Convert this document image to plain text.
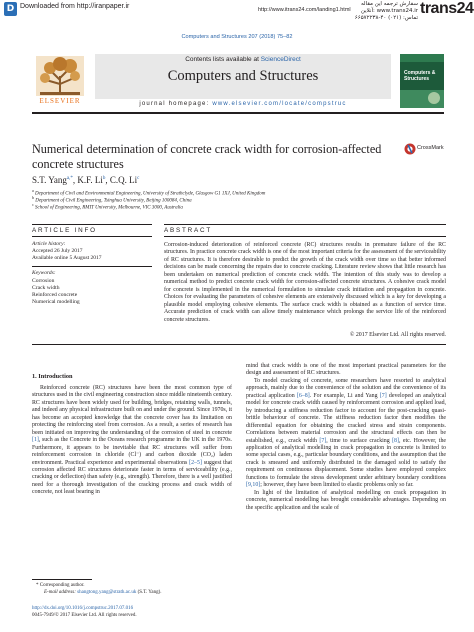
D Downloaded from http://iranpaper.ir	http://www.itrans24.com/landing1.html
سفارش ترجمه این مقاله
آنلاین: www.trans24.ir
تماس: (۰۲۱) ۴۰-۶۶۵۷۲۲۳۸
trans24
Computers and Structures 207 (2018) 75–82
ELSEVIER
Contents lists available at ScienceDirect
Computers and Structures
journal homepage: www.elsevier.com/locate/compstruc
Computers & Structures
Numerical determination of concrete crack width for corrosion-affected concrete structures
CrossMark
S.T. Yang$^{a,*}$, K.F. Li$^b$, C.Q. Li$^c$
$^a$ Department of Civil and Environmental Engineering, University of Strathclyde, Glasgow G1 1XJ, United Kingdom
$^b$ Department of Civil Engineering, Tsinghua University, Beijing 100084, China
$^c$ School of Engineering, RMIT University, Melbourne, VIC 3000, Australia
ARTICLE INFO	ABSTRACT
Article history:
Accepted 26 July 2017
Available online 5 August 2017
Keywords:
Corrosion
Crack width
Reinforced concrete
Numerical modelling
Corrosion-induced deterioration of reinforced concrete (RC) structures results in premature failure of the RC structures. In practice concrete crack width is one of the most important criteria for the assessment of the serviceability of RC structures. It is therefore desirable to predict the growth of the crack width over time so that better informed decisions can be made concerning the repairs due to concrete cracking. Literature review shows that little research has been undertaken on numerical prediction of concrete crack width. The intention of this study was to develop a numerical method to predict concrete crack width for corrosion-affected concrete structures. A cohesive crack model for concrete is implemented in the numerical formulation to simulate crack initiation and propagation in concrete. Choices for evaluating the parameters of cohesive elements are extensively discussed which is a key for developing a plausible model employing cohesive elements. The surface crack width is obtained as a function of service time. Accurate prediction of crack width can allow timely maintenance which prolongs the service life of the reinforced concrete structures.
© 2017 Elsevier Ltd. All rights reserved.
1. Introduction

Reinforced concrete (RC) structures have been the most common type of structures used in the civil engineering construction since middle nineteenth century. RC structures have been widely used for building, bridges, retaining walls, tunnels, and indeed any physical infrastructure built on and under the ground. Since 1970s, it has become an accepted knowledge that the concrete cover has its limitation on protecting the reinforcing steel from corrosion. As a result, a series of research has been initiated on improving the understanding of the corrosion of steel in concrete [1], such as the Concrete in the Oceans research programme in the UK in the 1970s. Furthermore, it appears to be inevitable that RC structures will suffer from reinforcement corrosion in chloride (Cl⁻) and carbon dioxide (CO₂) laden environment. Practical experience and experimental observations [2–5] suggest that corrosion affected RC structures deteriorate faster in terms of serviceability (e.g., cracking or deflection) than safety (e.g., strength). Therefore, there is a well justified need for a thorough investigation of the cracking process and crack width of concrete, not least bearing in

mind that crack width is one of the most important practical parameters for the design and assessment of RC structures.

To model cracking of concrete, some researchers have resorted to analytical approach, mainly due to the convenience of the solution and the convenience of its practical application [6–8]. For example, Li and Yang [7] developed an analytical model for concrete crack width caused by reinforcement corrosion and applied load, by introducing a stiffness reduction factor to account for the post-cracking quasi-brittle behaviour of concrete. The stiffness reduction factor then modifies the differential equation for obtaining the cracked stress and strain components. Correlations between material corrosion and the structural effects can then be established, e.g., crack width [7], time to surface cracking [8], etc. However, the application of analytical modelling in crack propagation in concrete is limited to some special cases, e.g., particular boundary conditions, and the assumption that the crack is smeared and uniformly distributed in the damaged solid to satisfy the requirement on continuous displacement. Some studies have employed complex functions to formulate the stress development under arbitrary boundary conditions [9,10]; however, they have been limited to elastic problems only so far.

In light of the limitation of analytical modelling on crack propagation in concrete, numerical modelling has brought considerable advantages. Depending on the specific application and the scale of

* Corresponding author.
E-mail address: shangtong.yang@strath.ac.uk (S.T. Yang).
http://dx.doi.org/10.1016/j.compstruc.2017.07.016
0045-7949/© 2017 Elsevier Ltd. All rights reserved.
